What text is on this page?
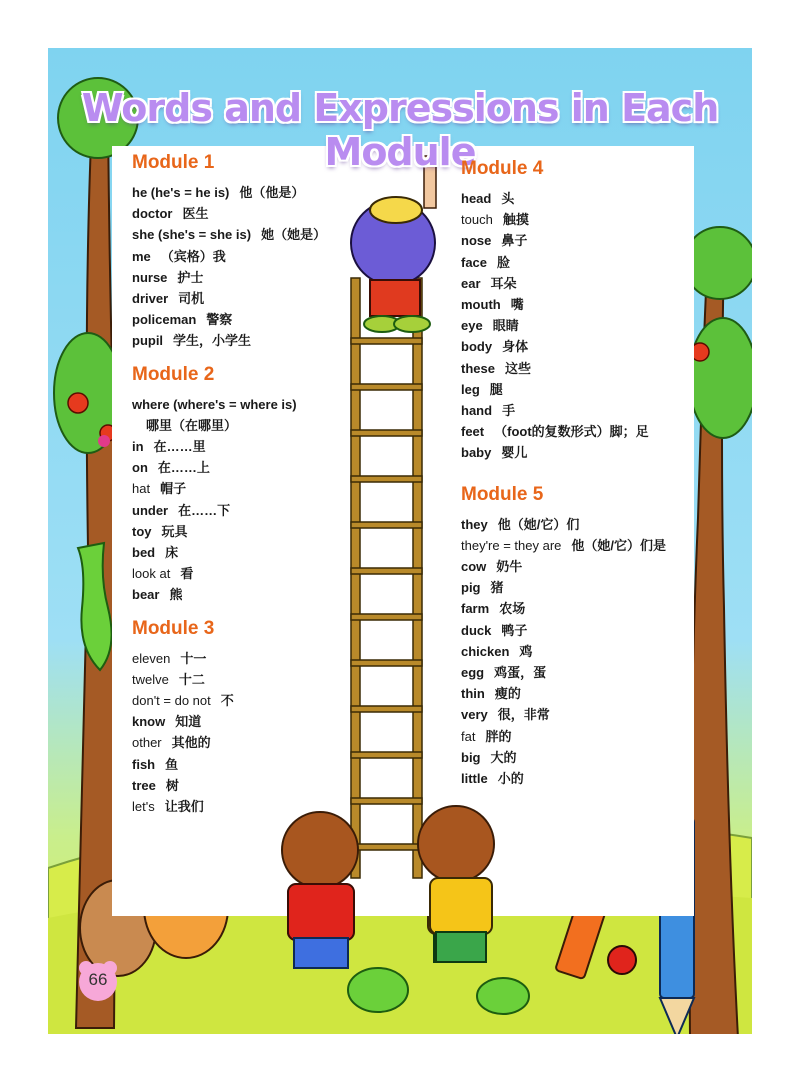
Words and Expressions in Each Module
Module 1
he (he's = he is) 他（他是）
doctor 医生
she (she's = she is) 她（她是）
me （宾格）我
nurse 护士
driver 司机
policeman 警察
pupil 学生，小学生
Module 2
where (where's = where is)
哪里（在哪里）
in 在……里
on 在……上
hat 帽子
under 在……下
toy 玩具
bed 床
look at 看
bear 熊
Module 3
eleven 十一
twelve 十二
don't = do not 不
know 知道
other 其他的
fish 鱼
tree 树
let's 让我们
Module 4
head 头
touch 触摸
nose 鼻子
face 脸
ear 耳朵
mouth 嘴
eye 眼睛
body 身体
these 这些
leg 腿
hand 手
feet （foot的复数形式）脚；足
baby 婴儿
Module 5
they 他（她/它）们
they're = they are 他（她/它）们是
cow 奶牛
pig 猪
farm 农场
duck 鸭子
chicken 鸡
egg 鸡蛋，蛋
thin 瘦的
very 很，非常
fat 胖的
big 大的
little 小的
66
